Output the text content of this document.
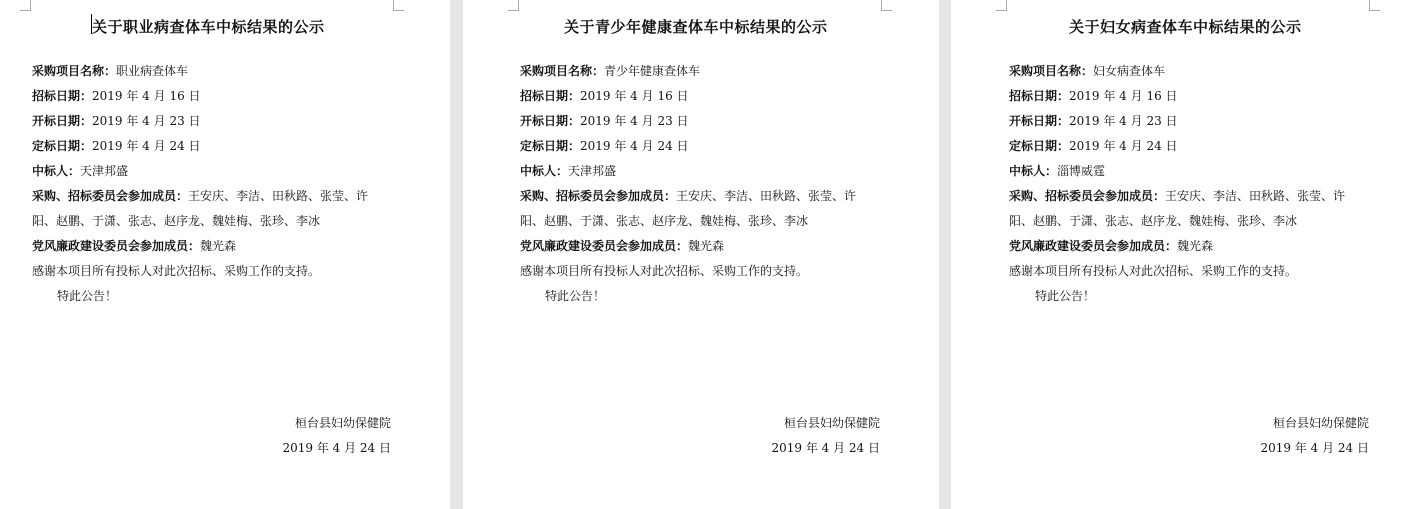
关于职业病查体车中标结果的公示
采购项目名称：职业病查体车
招标日期：2019 年 4 月 16 日
开标日期：2019 年 4 月 23 日
定标日期：2019 年 4 月 24 日
中标人：天津邦盛
采购、招标委员会参加成员：王安庆、李洁、田秋路、张莹、许
阳、赵鹏、于潇、张志、赵序龙、魏娃梅、张珍、李冰
党风廉政建设委员会参加成员：魏光森
感谢本项目所有投标人对此次招标、采购工作的支持。
特此公告！
桓台县妇幼保健院
2019 年 4 月 24 日
关于青少年健康查体车中标结果的公示
采购项目名称：青少年健康查体车
招标日期：2019 年 4 月 16 日
开标日期：2019 年 4 月 23 日
定标日期：2019 年 4 月 24 日
中标人：天津邦盛
采购、招标委员会参加成员：王安庆、李洁、田秋路、张莹、许
阳、赵鹏、于潇、张志、赵序龙、魏娃梅、张珍、李冰
党风廉政建设委员会参加成员：魏光森
感谢本项目所有投标人对此次招标、采购工作的支持。
特此公告！
桓台县妇幼保健院
2019 年 4 月 24 日
关于妇女病查体车中标结果的公示
采购项目名称：妇女病查体车
招标日期：2019 年 4 月 16 日
开标日期：2019 年 4 月 23 日
定标日期：2019 年 4 月 24 日
中标人：淄博威霆
采购、招标委员会参加成员：王安庆、李洁、田秋路、张莹、许
阳、赵鹏、于潇、张志、赵序龙、魏娃梅、张珍、李冰
党风廉政建设委员会参加成员：魏光森
感谢本项目所有投标人对此次招标、采购工作的支持。
特此公告！
桓台县妇幼保健院
2019 年 4 月 24 日
